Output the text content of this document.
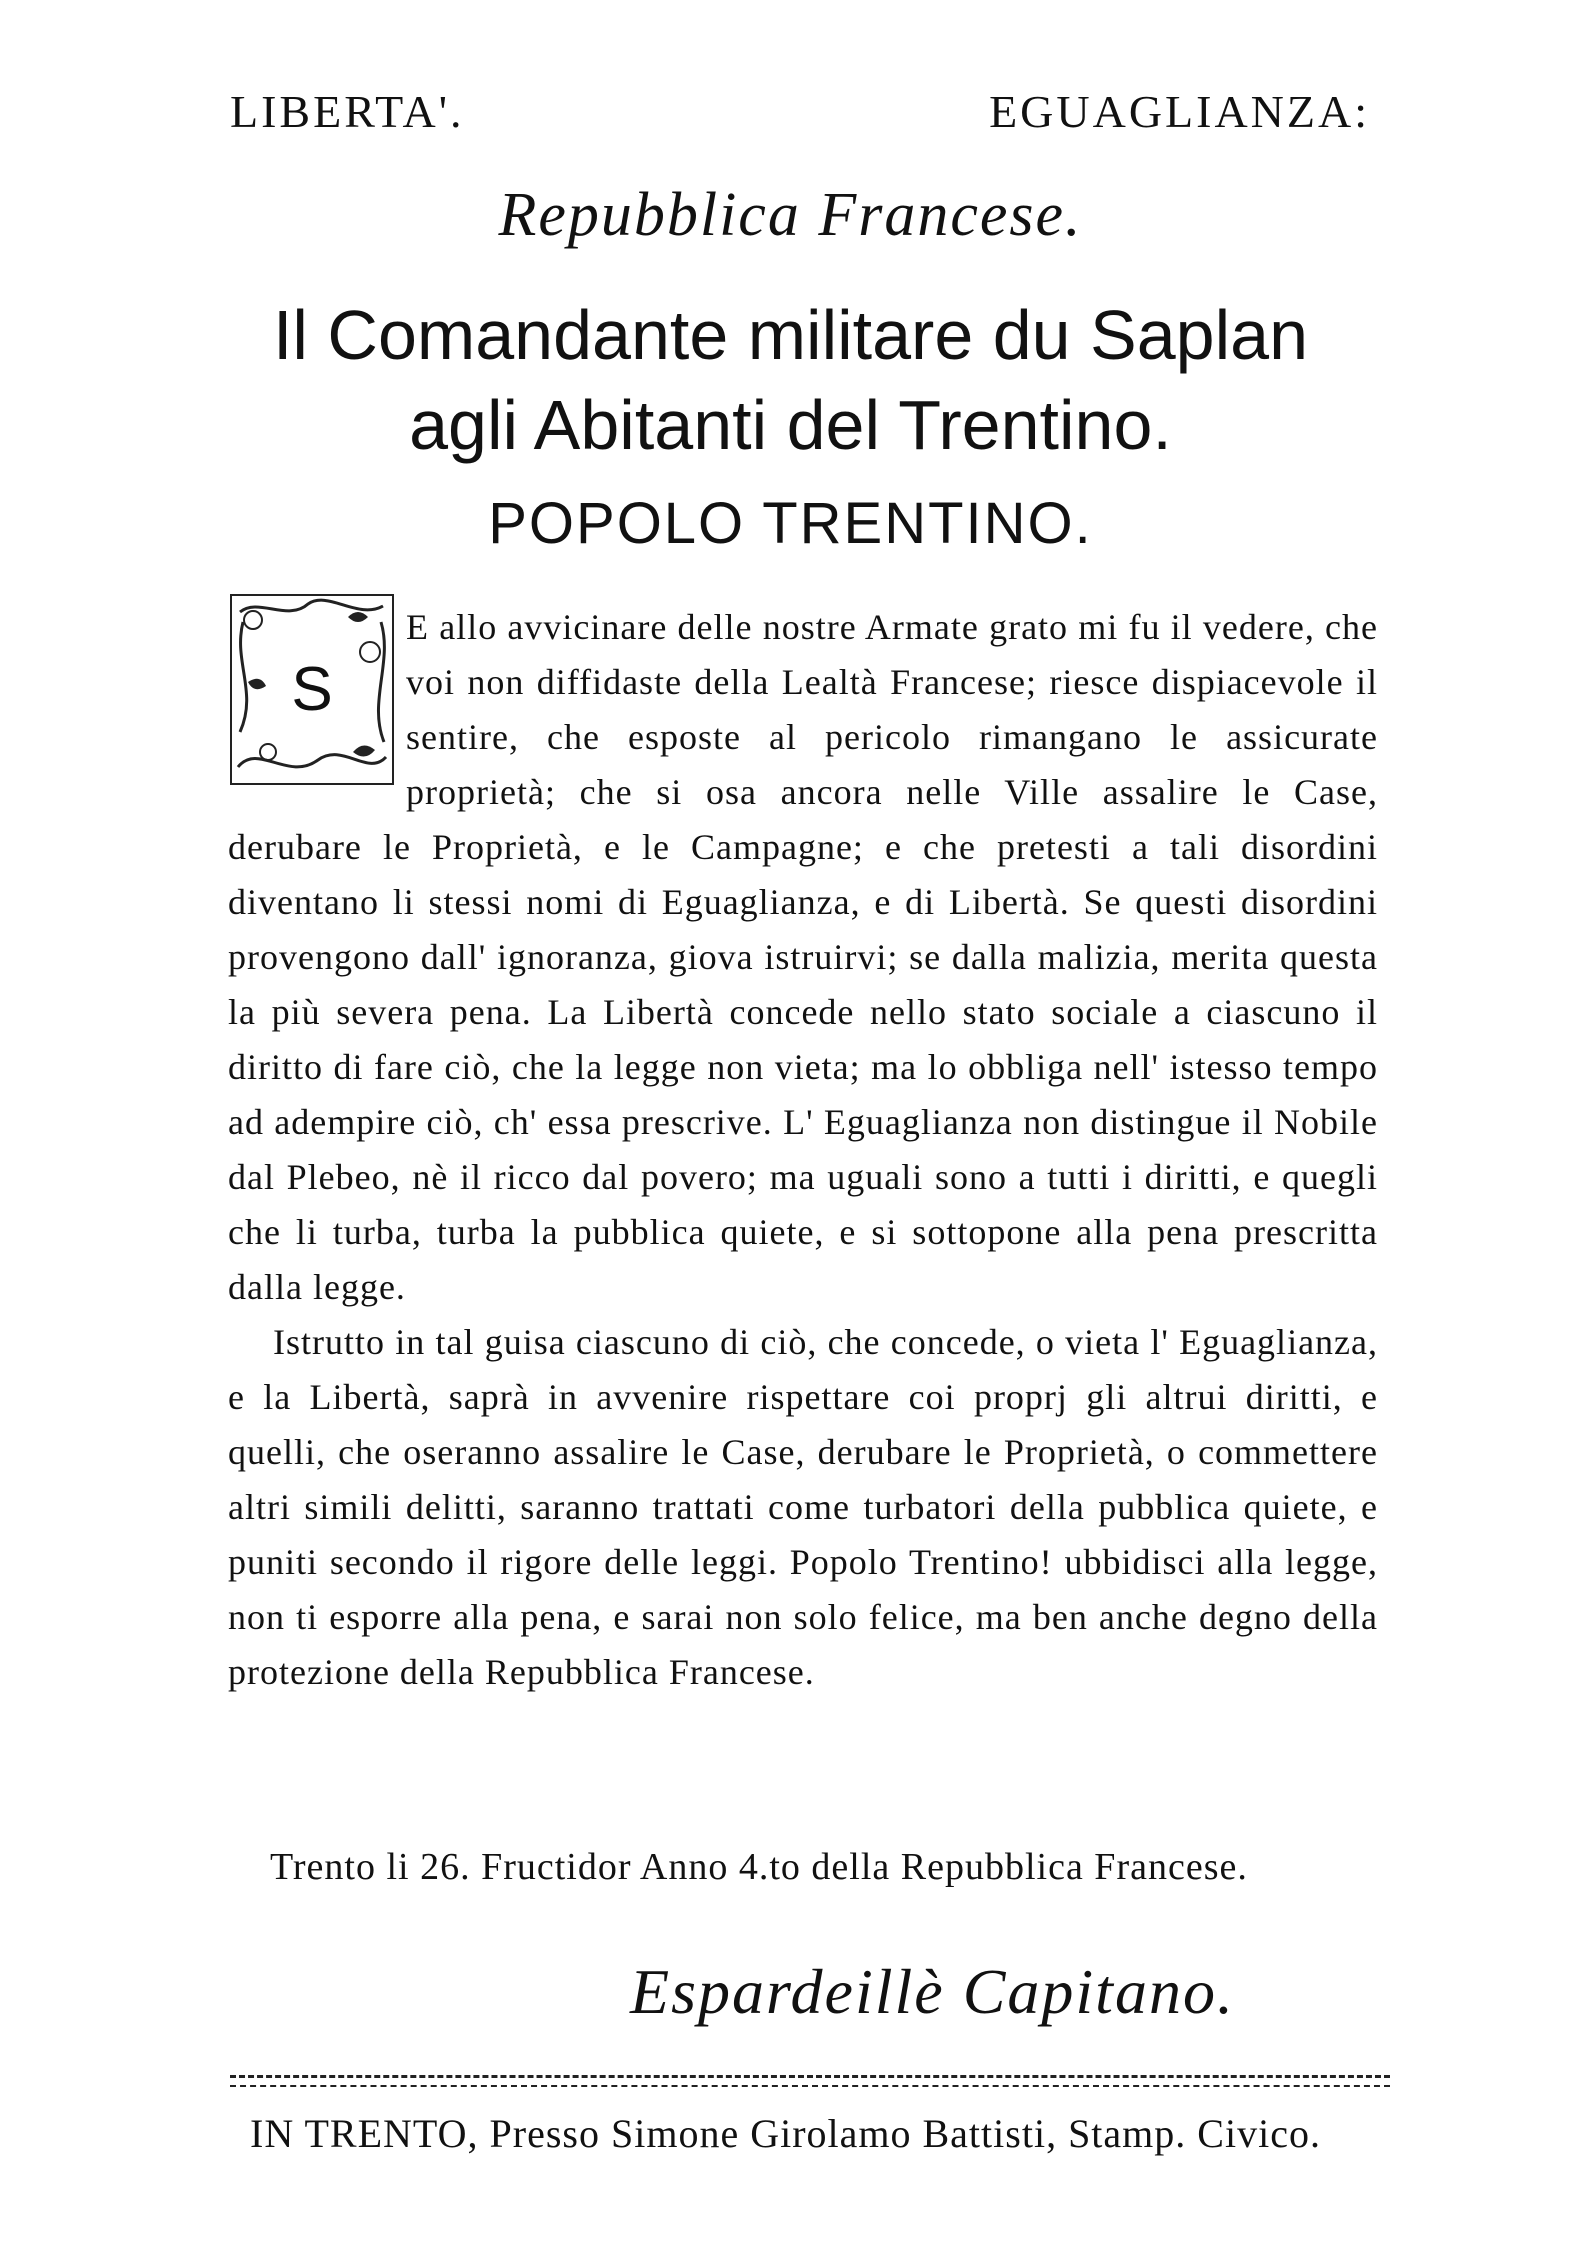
LIBERTA'.	EGUAGLIANZA:
Repubblica Francese.
Il Comandante militare du Saplan
agli Abitanti del Trentino.
POPOLO TRENTINO.
S

E allo avvicinare delle nostre Armate grato mi fu il vedere, che voi non diffidaste della Lealtà Francese; riesce dispiacevole il sentire, che esposte al pericolo rimangano le assicurate proprietà; che si osa ancora nelle Ville assalire le Case, derubare le Proprietà, e le Campagne; e che pretesti a tali disordini diventano li stessi nomi di Eguaglianza, e di Libertà. Se questi disordini provengono dall' ignoranza, giova istruirvi; se dalla malizia, merita questa la più severa pena. La Libertà concede nello stato sociale a ciascuno il diritto di fare ciò, che la legge non vieta; ma lo obbliga nell' istesso tempo ad adempire ciò, ch' essa prescrive. L' Eguaglianza non distingue il Nobile dal Plebeo, nè il ricco dal povero; ma uguali sono a tutti i diritti, e quegli che li turba, turba la pubblica quiete, e si sottopone alla pena prescritta dalla legge.

Istrutto in tal guisa ciascuno di ciò, che concede, o vieta l' Eguaglianza, e la Libertà, saprà in avvenire rispettare coi proprj gli altrui diritti, e quelli, che oseranno assalire le Case, derubare le Proprietà, o commettere altri simili delitti, saranno trattati come turbatori della pubblica quiete, e puniti secondo il rigore delle leggi. Popolo Trentino! ubbidisci alla legge, non ti esporre alla pena, e sarai non solo felice, ma ben anche degno della protezione della Repubblica Francese.

Trento li 26. Fructidor Anno 4.to della Repubblica Francese.
Espardeillè Capitano.
IN TRENTO, Presso Simone Girolamo Battisti, Stamp. Civico.
